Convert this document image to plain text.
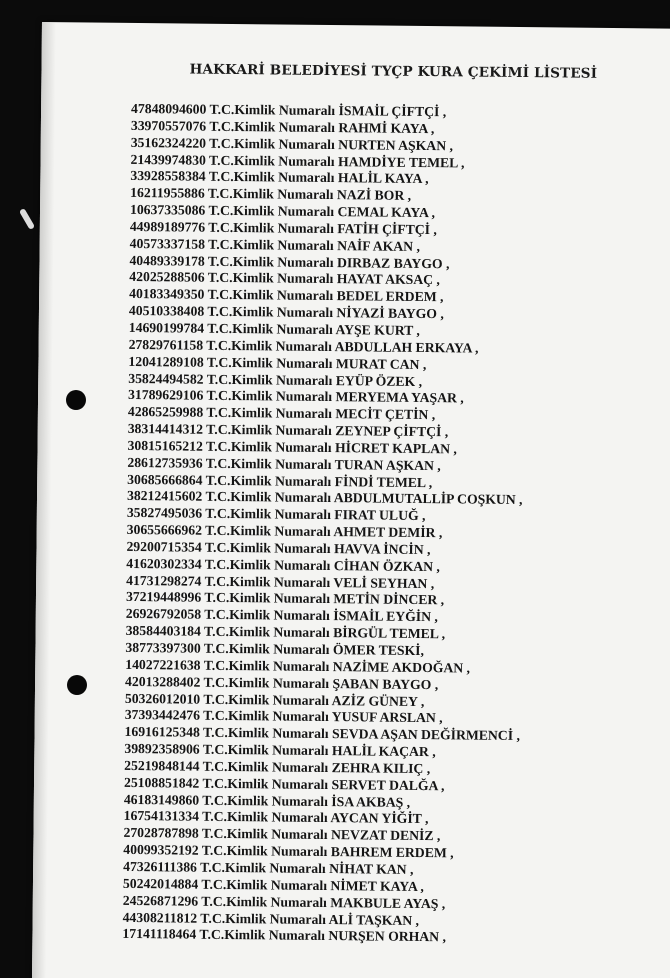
HAKKARİ BELEDİYESİ TYÇP KURA ÇEKİMİ LİSTESİ
47848094600 T.C.Kimlik Numaralı İSMAİL ÇİFTÇİ ,
33970557076 T.C.Kimlik Numaralı RAHMİ KAYA ,
35162324220 T.C.Kimlik Numaralı NURTEN AŞKAN ,
21439974830 T.C.Kimlik Numaralı HAMDİYE TEMEL ,
33928558384 T.C.Kimlik Numaralı HALİL KAYA ,
16211955886 T.C.Kimlik Numaralı NAZİ BOR ,
10637335086 T.C.Kimlik Numaralı CEMAL KAYA ,
44989189776 T.C.Kimlik Numaralı FATİH ÇİFTÇİ ,
40573337158 T.C.Kimlik Numaralı NAİF AKAN ,
40489339178 T.C.Kimlik Numaralı DIRBAZ BAYGO ,
42025288506 T.C.Kimlik Numaralı HAYAT AKSAÇ ,
40183349350 T.C.Kimlik Numaralı BEDEL ERDEM ,
40510338408 T.C.Kimlik Numaralı NİYAZİ BAYGO ,
14690199784 T.C.Kimlik Numaralı AYŞE KURT ,
27829761158 T.C.Kimlik Numaralı ABDULLAH ERKAYA ,
12041289108 T.C.Kimlik Numaralı MURAT CAN ,
35824494582 T.C.Kimlik Numaralı EYÜP ÖZEK ,
31789629106 T.C.Kimlik Numaralı MERYEMA YAŞAR ,
42865259988 T.C.Kimlik Numaralı MECİT ÇETİN ,
38314414312 T.C.Kimlik Numaralı ZEYNEP ÇİFTÇİ ,
30815165212 T.C.Kimlik Numaralı HİCRET KAPLAN ,
28612735936 T.C.Kimlik Numaralı TURAN AŞKAN ,
30685666864 T.C.Kimlik Numaralı FİNDİ TEMEL ,
38212415602 T.C.Kimlik Numaralı ABDULMUTALLİP COŞKUN ,
35827495036 T.C.Kimlik Numaralı FIRAT ULUĞ ,
30655666962 T.C.Kimlik Numaralı AHMET DEMİR ,
29200715354 T.C.Kimlik Numaralı HAVVA İNCİN ,
41620302334 T.C.Kimlik Numaralı CİHAN ÖZKAN ,
41731298274 T.C.Kimlik Numaralı VELİ SEYHAN ,
37219448996 T.C.Kimlik Numaralı METİN DİNCER ,
26926792058 T.C.Kimlik Numaralı İSMAİL EYĞİN ,
38584403184 T.C.Kimlik Numaralı BİRGÜL TEMEL ,
38773397300 T.C.Kimlik Numaralı ÖMER TESKİ,
14027221638 T.C.Kimlik Numaralı NAZİME AKDOĞAN ,
42013288402 T.C.Kimlik Numaralı ŞABAN BAYGO ,
50326012010 T.C.Kimlik Numaralı AZİZ GÜNEY ,
37393442476 T.C.Kimlik Numaralı YUSUF ARSLAN ,
16916125348 T.C.Kimlik Numaralı SEVDA AŞAN DEĞİRMENCİ ,
39892358906 T.C.Kimlik Numaralı HALİL KAÇAR ,
25219848144 T.C.Kimlik Numaralı ZEHRA KILIÇ ,
25108851842 T.C.Kimlik Numaralı SERVET DALĞA ,
46183149860 T.C.Kimlik Numaralı İSA AKBAŞ ,
16754131334 T.C.Kimlik Numaralı AYCAN YİĞİT ,
27028787898 T.C.Kimlik Numaralı NEVZAT DENİZ ,
40099352192 T.C.Kimlik Numaralı BAHREM ERDEM ,
47326111386 T.C.Kimlik Numaralı NİHAT KAN ,
50242014884 T.C.Kimlik Numaralı NİMET KAYA ,
24526871296 T.C.Kimlik Numaralı MAKBULE AYAŞ ,
44308211812 T.C.Kimlik Numaralı ALİ TAŞKAN ,
17141118464 T.C.Kimlik Numaralı NURŞEN ORHAN ,
